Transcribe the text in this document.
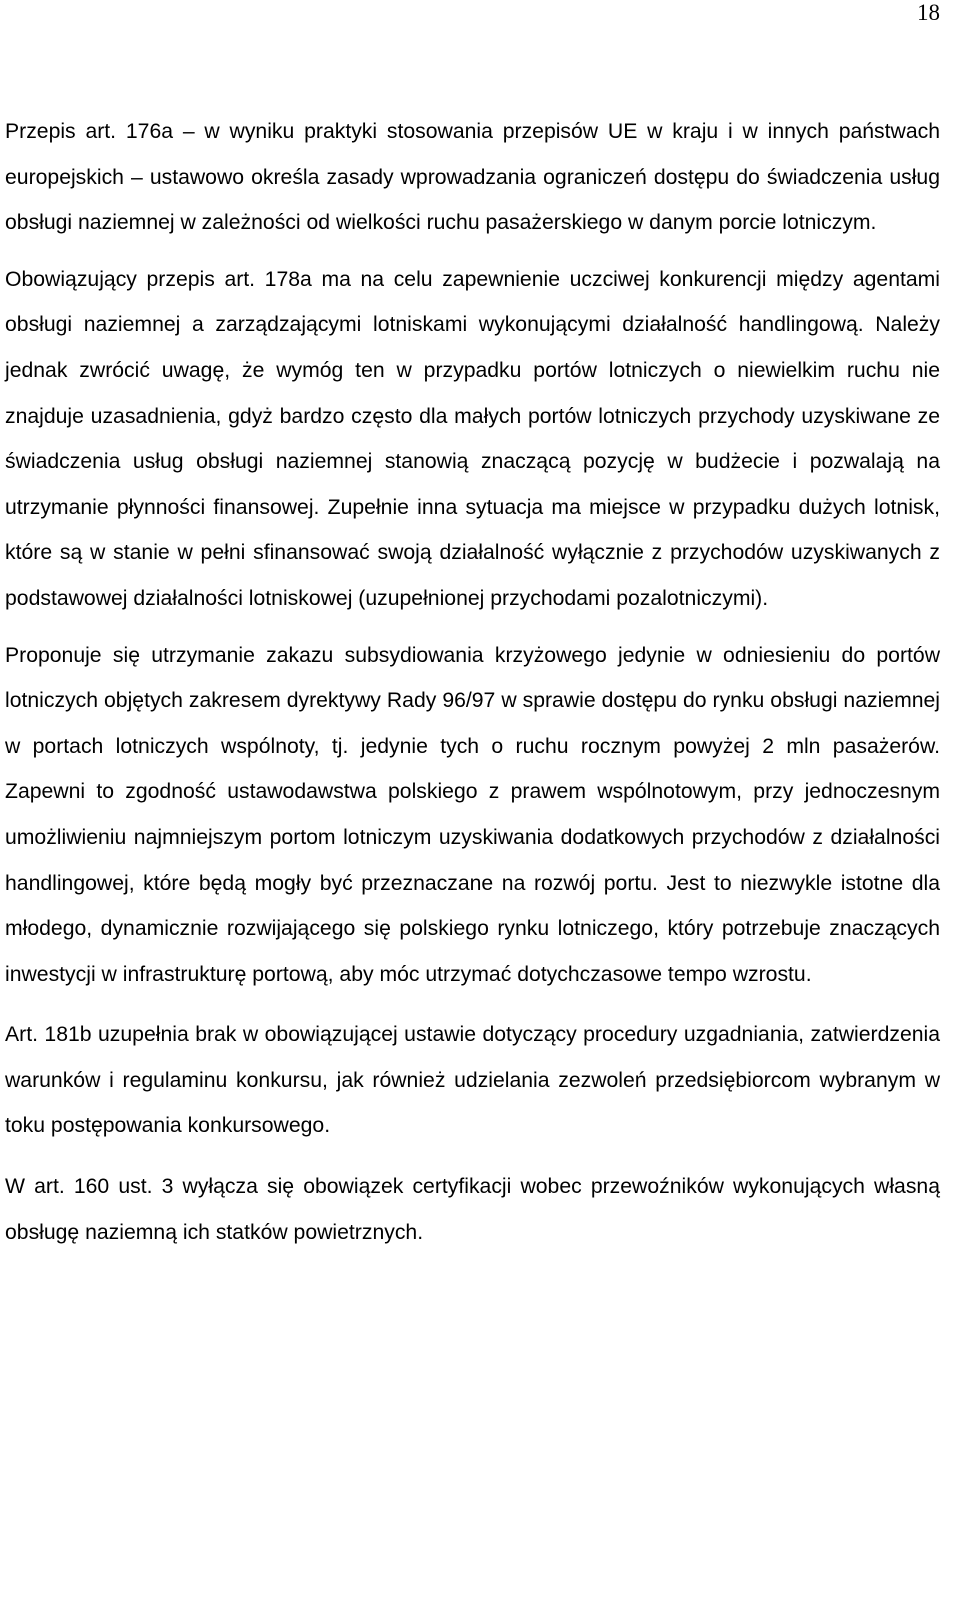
18

Przepis art. 176a – w wyniku praktyki stosowania przepisów UE w kraju i w innych państwach europejskich – ustawowo określa zasady wprowadzania ograniczeń dostępu do świadczenia usług obsługi naziemnej w zależności od wielkości ruchu pasażerskiego w danym porcie lotniczym.

Obowiązujący przepis art. 178a ma na celu zapewnienie uczciwej konkurencji między agentami obsługi naziemnej a zarządzającymi lotniskami wykonującymi działalność handlingową. Należy jednak zwrócić uwagę, że wymóg ten w przypadku portów lotniczych o niewielkim ruchu nie znajduje uzasadnienia, gdyż bardzo często dla małych portów lotniczych przychody uzyskiwane ze świadczenia usług obsługi naziemnej stanowią znaczącą pozycję w budżecie i pozwalają na utrzymanie płynności finansowej. Zupełnie inna sytuacja ma miejsce w przypadku dużych lotnisk, które są w stanie w pełni sfinansować swoją działalność wyłącznie z przychodów uzyskiwanych z podstawowej działalności lotniskowej (uzupełnionej przychodami pozalotniczymi).

Proponuje się utrzymanie zakazu subsydiowania krzyżowego jedynie w odniesieniu do portów lotniczych objętych zakresem dyrektywy Rady 96/97 w sprawie dostępu do rynku obsługi naziemnej w portach lotniczych wspólnoty, tj. jedynie tych o ruchu rocznym powyżej 2 mln pasażerów. Zapewni to zgodność ustawodawstwa polskiego z prawem wspólnotowym, przy jednoczesnym umożliwieniu najmniejszym portom lotniczym uzyskiwania dodatkowych przychodów z działalności handlingowej, które będą mogły być przeznaczane na rozwój portu. Jest to niezwykle istotne dla młodego, dynamicznie rozwijającego się polskiego rynku lotniczego, który potrzebuje znaczących inwestycji w infrastrukturę portową, aby móc utrzymać dotychczasowe tempo wzrostu.

Art. 181b uzupełnia brak w obowiązującej ustawie dotyczący procedury uzgadniania, zatwierdzenia warunków i regulaminu konkursu, jak również udzielania zezwoleń przedsiębiorcom wybranym w toku postępowania konkursowego.

W art. 160 ust. 3 wyłącza się obowiązek certyfikacji wobec przewoźników wykonujących własną obsługę naziemną ich statków powietrznych.
